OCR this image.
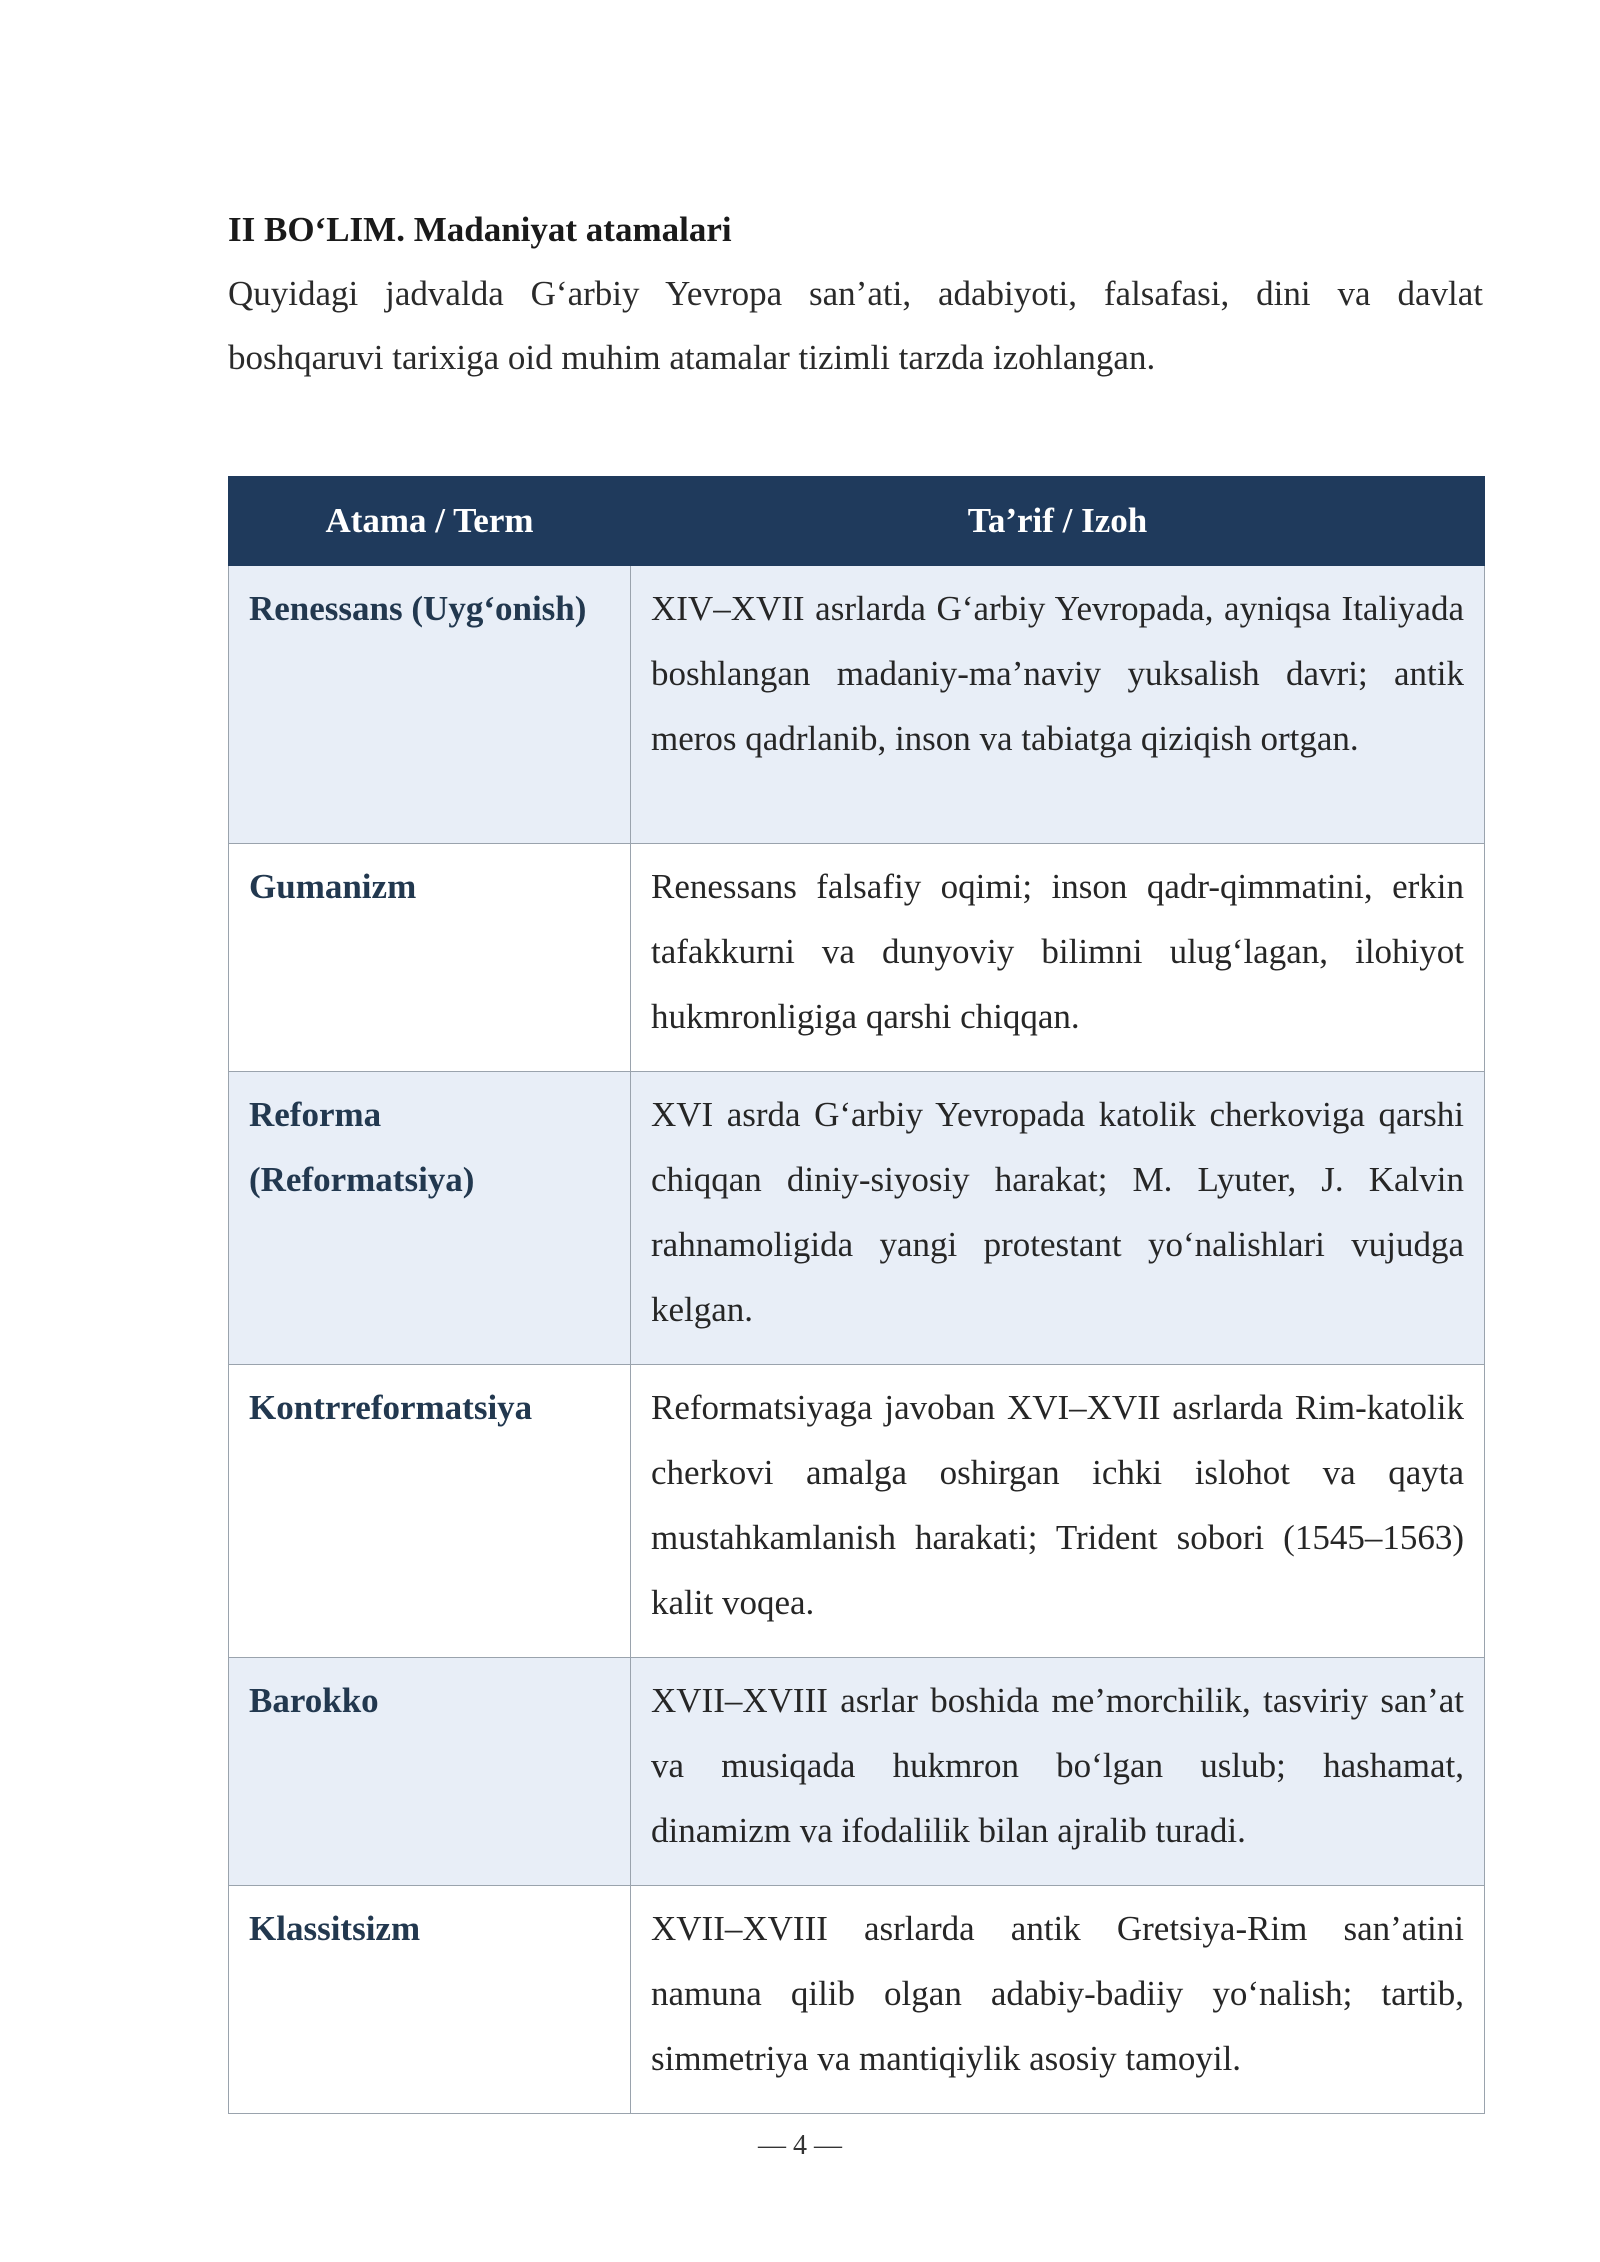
II BO‘LIM. Madaniyat atamalari

Quyidagi jadvalda G‘arbiy Yevropa san’ati, adabiyoti, falsafasi, dini va davlat boshqaruvi tarixiga oid muhim atamalar tizimli tarzda izohlangan.

Atama / Term	Ta’rif / Izoh
Renessans (Uyg‘onish)	XIV–XVII asrlarda G‘arbiy Yevropada, ayniqsa Italiyada boshlangan madaniy-ma’naviy yuksalish davri; antik meros qadrlanib, inson va tabiatga qiziqish ortgan.
Gumanizm	Renessans falsafiy oqimi; inson qadr-qimmatini, erkin tafakkurni va dunyoviy bilimni ulug‘lagan, ilohiyot hukmronligiga qarshi chiqqan.
Reforma (Reformatsiya)	XVI asrda G‘arbiy Yevropada katolik cherkoviga qarshi chiqqan diniy-siyosiy harakat; M. Lyuter, J. Kalvin rahnamoligida yangi protestant yo‘nalishlari vujudga kelgan.
Kontrreformatsiya	Reformatsiyaga javoban XVI–XVII asrlarda Rim-katolik cherkovi amalga oshirgan ichki islohot va qayta mustahkamlanish harakati; Trident sobori (1545–1563) kalit voqea.
Barokko	XVII–XVIII asrlar boshida me’morchilik, tasviriy san’at va musiqada hukmron bo‘lgan uslub; hashamat, dinamizm va ifodalilik bilan ajralib turadi.
Klassitsizm	XVII–XVIII asrlarda antik Gretsiya-Rim san’atini namuna qilib olgan adabiy-badiiy yo‘nalish; tartib, simmetriya va mantiqiylik asosiy tamoyil.
— 4 —
